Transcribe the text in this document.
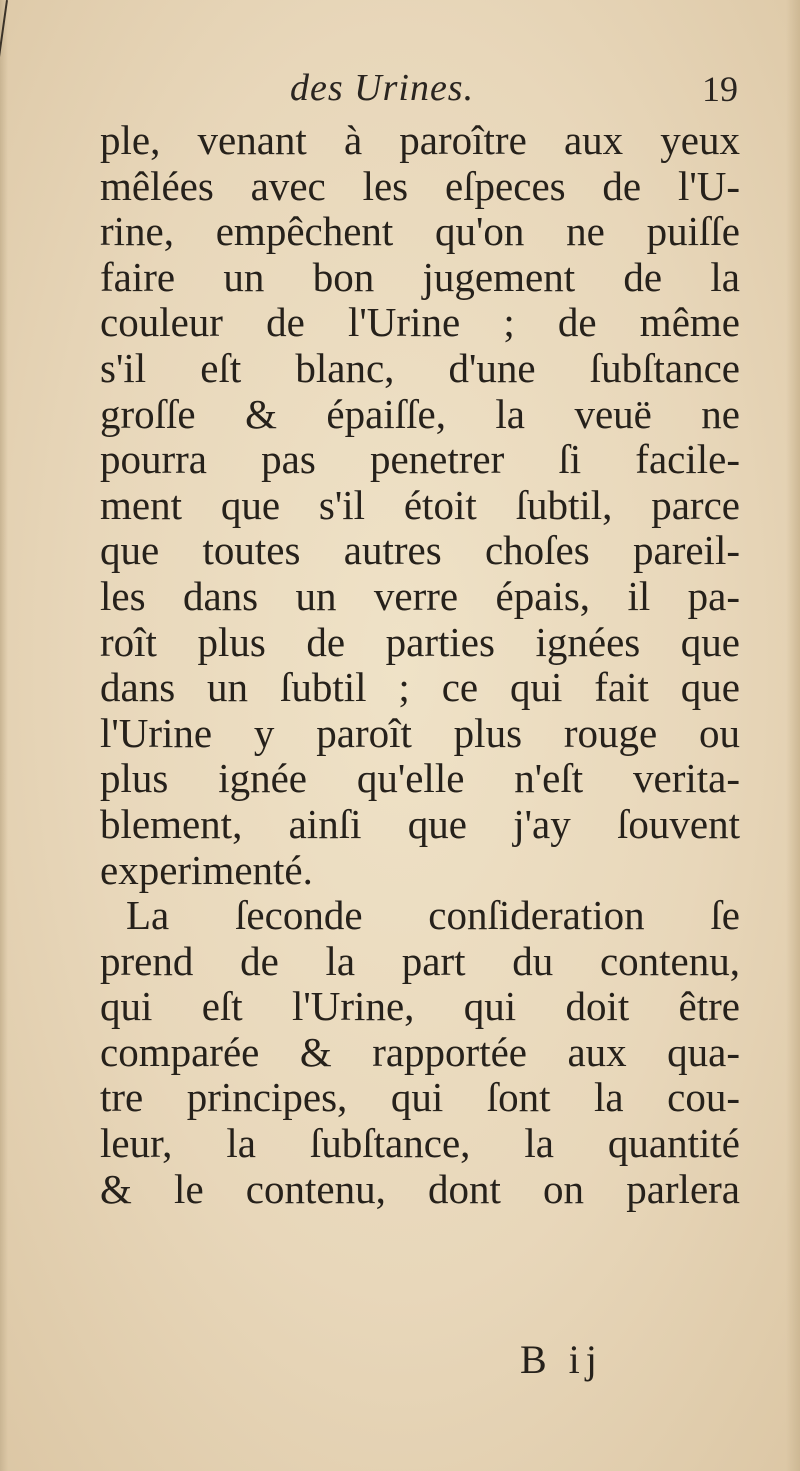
des Urines.	19
ple, venant à paroître aux yeux
mêlées avec les eſpeces de l'U-
rine, empêchent qu'on ne puiſſe
faire un bon jugement de la
couleur de l'Urine ; de même
s'il eſt blanc, d'une ſubſtance
groſſe & épaiſſe, la veuë ne
pourra pas penetrer ſi facile-
ment que s'il étoit ſubtil, parce
que toutes autres choſes pareil-
les dans un verre épais, il pa-
roît plus de parties ignées que
dans un ſubtil ; ce qui fait que
l'Urine y paroît plus rouge ou
plus ignée qu'elle n'eſt verita-
blement, ainſi que j'ay ſouvent
experimenté.
La ſeconde conſideration ſe
prend de la part du contenu,
qui eſt l'Urine, qui doit être
comparée & rapportée aux qua-
tre principes, qui ſont la cou-
leur, la ſubſtance, la quantité
& le contenu, dont on parlera
B ij
